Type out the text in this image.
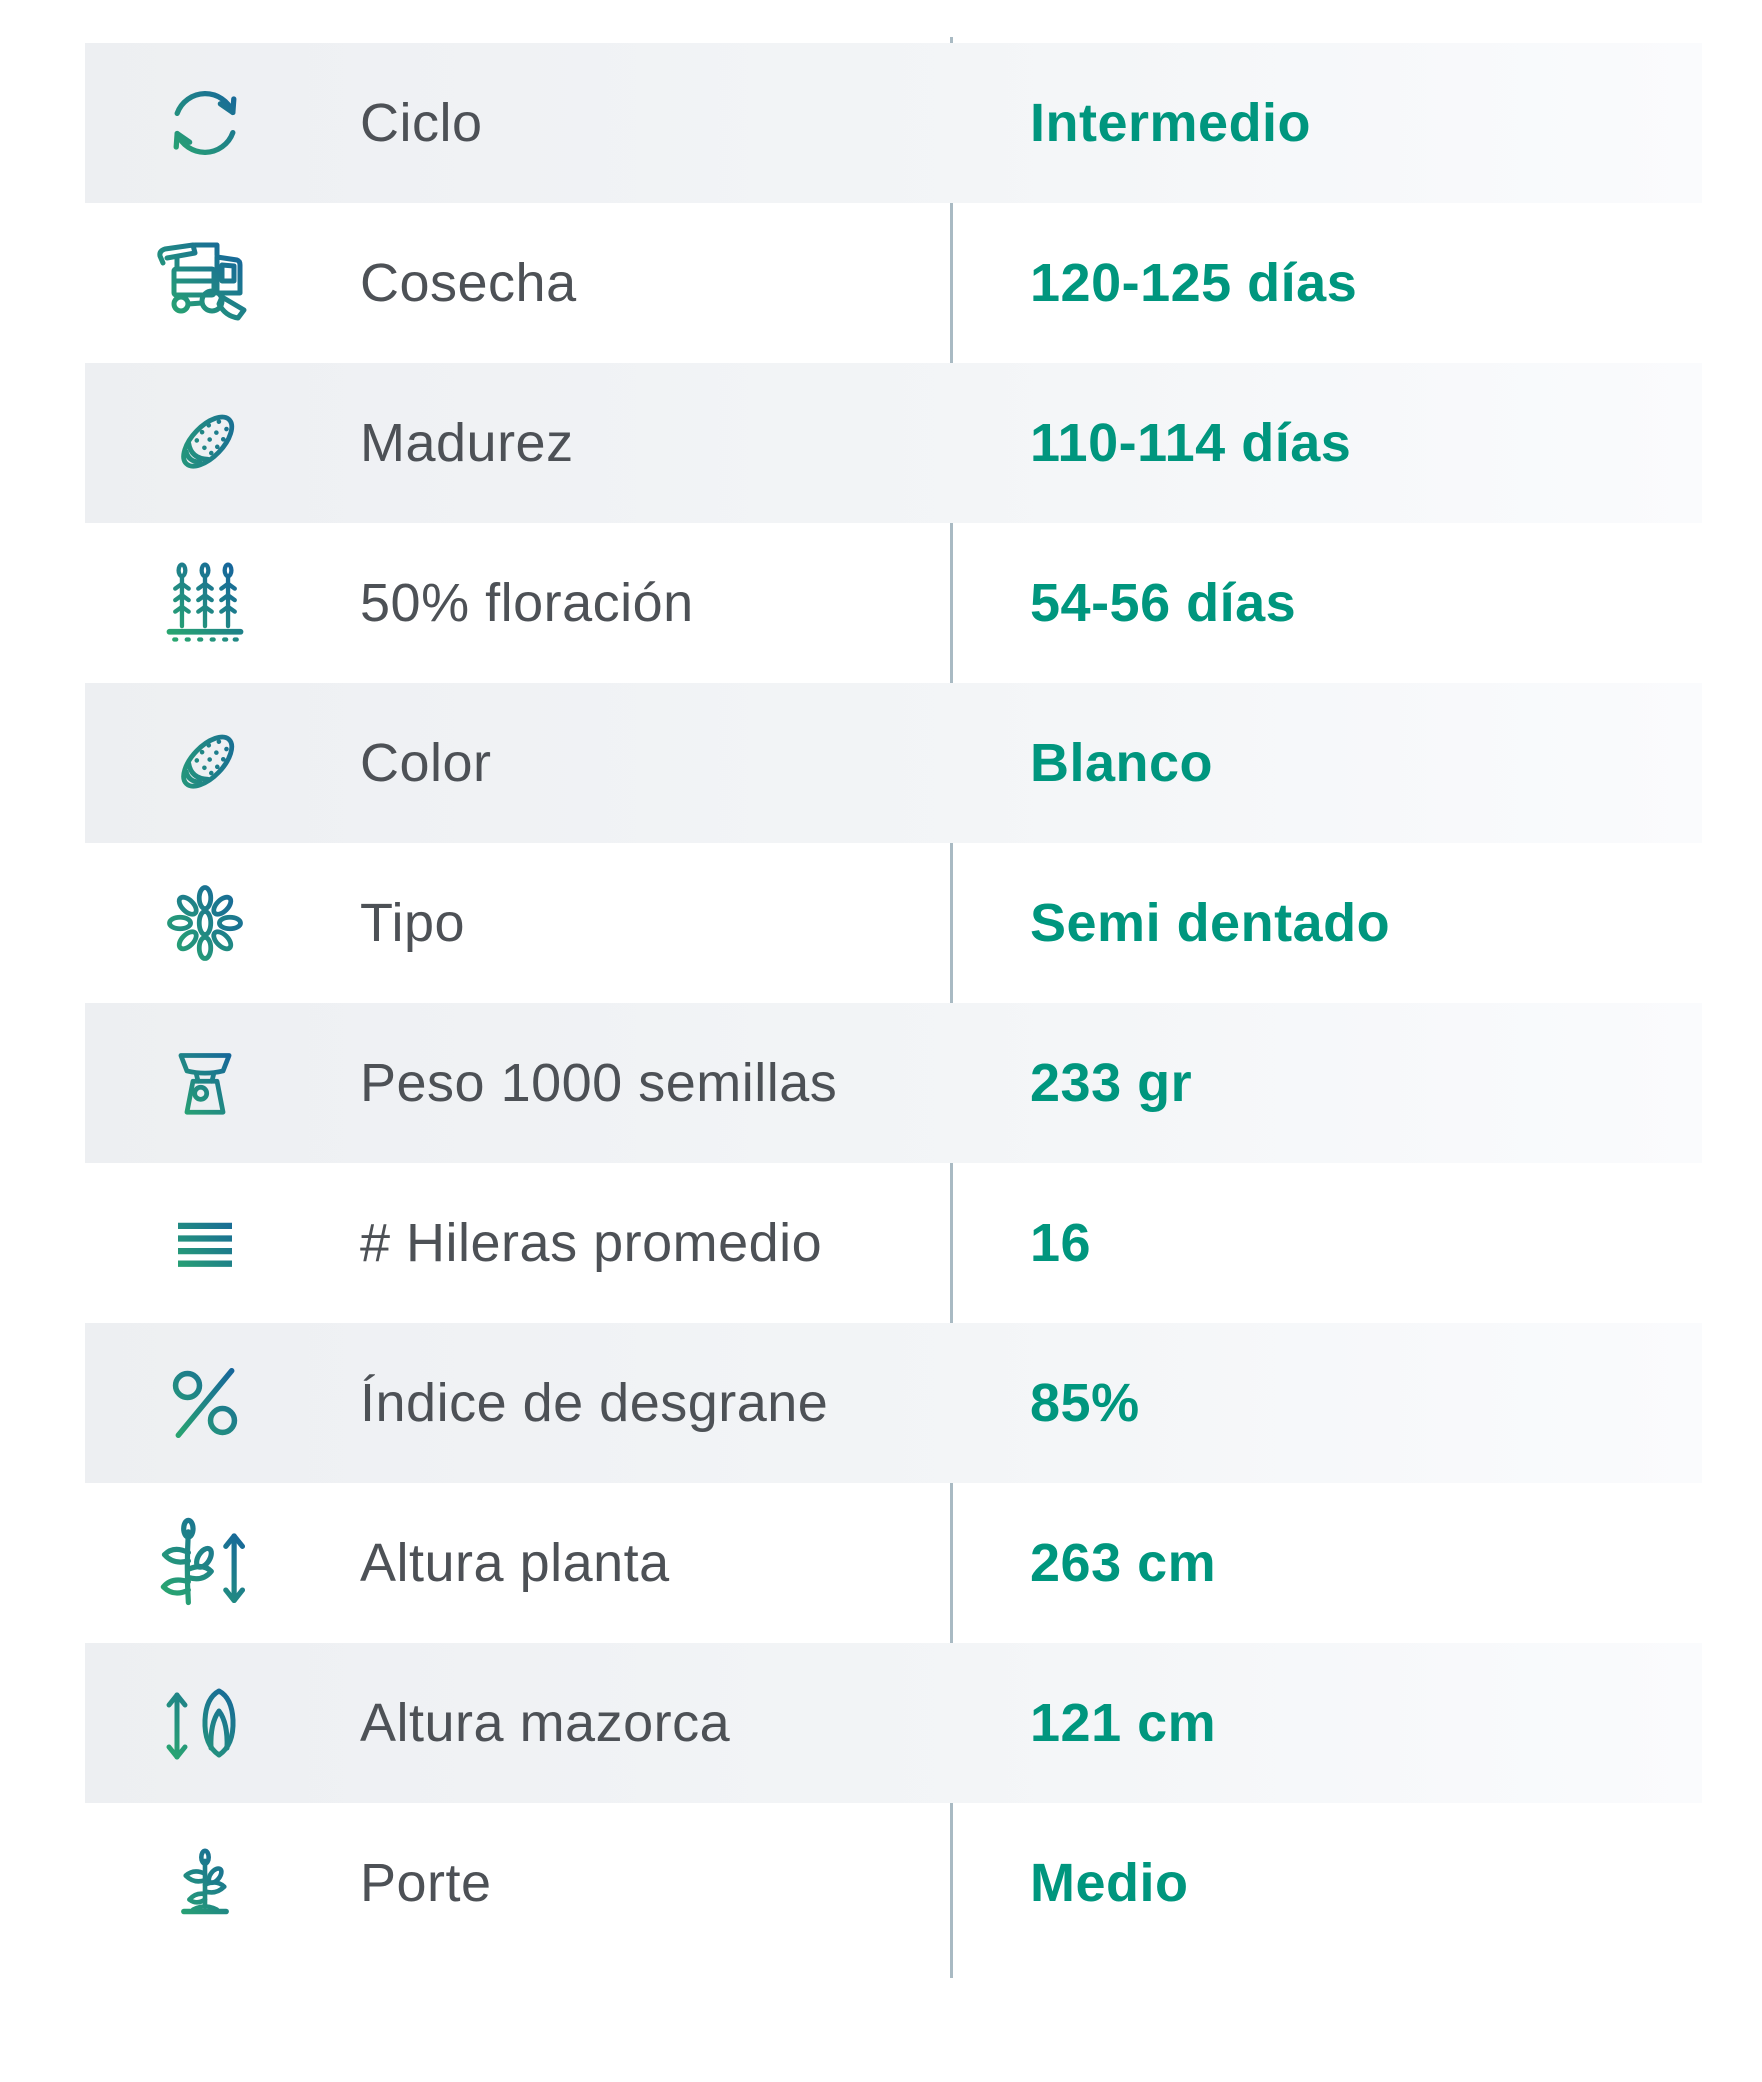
Ciclo	Intermedio
Cosecha	120-125 días
Madurez	110-114 días
50% floración	54-56 días
Color	Blanco
Tipo	Semi dentado
Peso 1000 semillas	233 gr
# Hileras promedio	16
Índice de desgrane	85%
Altura planta	263 cm
Altura mazorca	121 cm
Porte	Medio
